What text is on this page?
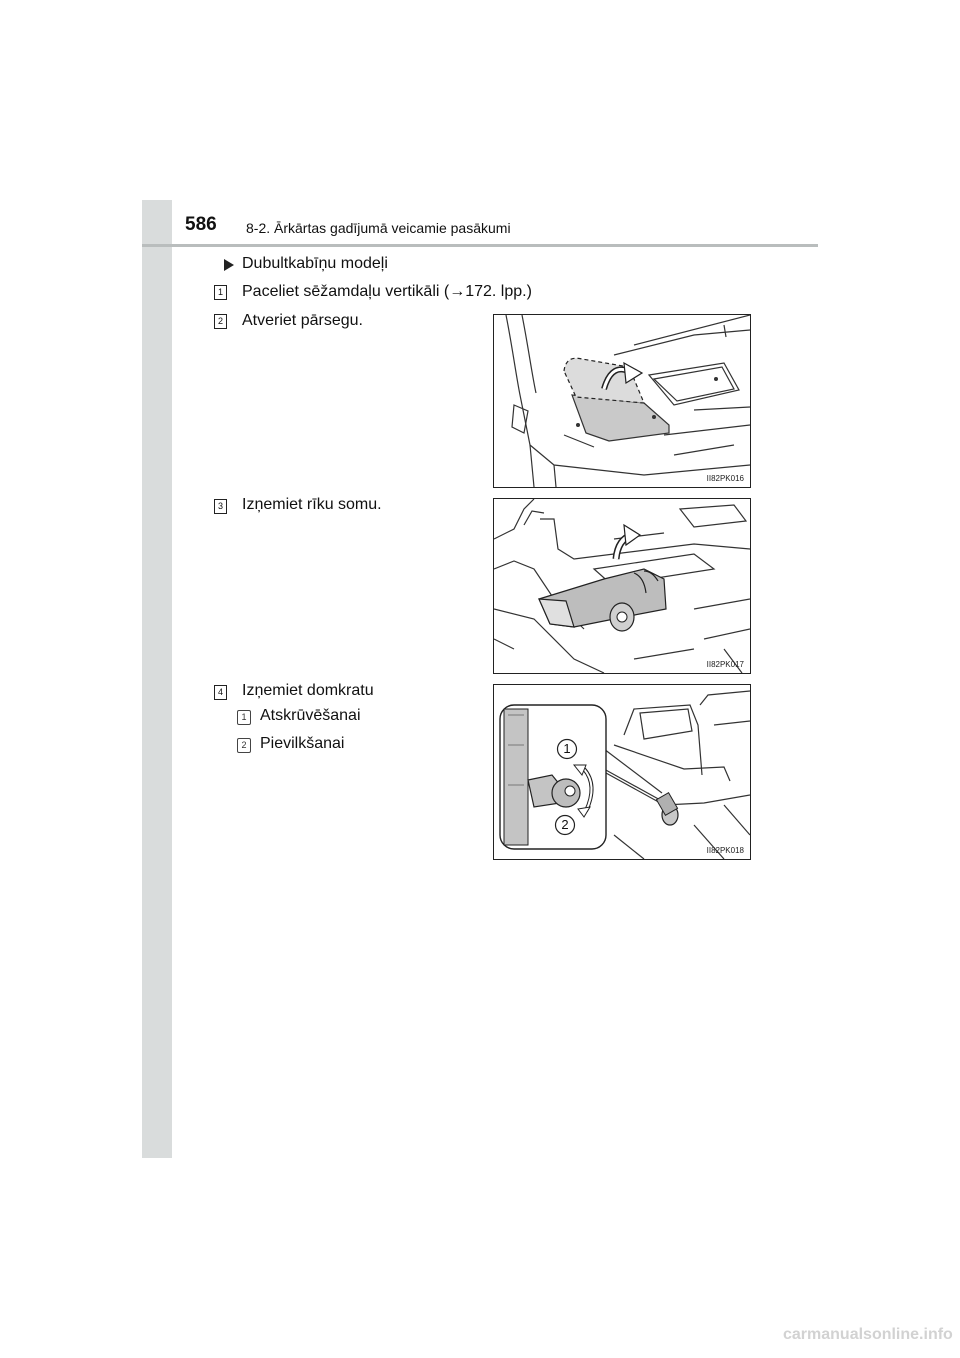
586 8-2. Ārkārtas gadījumā veicamie pasākumi
Dubultkabīņu modeļi
1 Paceliet sēžamdaļu vertikāli (→172. lpp.)
2 Atveriet pārsegu.
3 Izņemiet rīku somu.
4 Izņemiet domkratu
1 Atskrūvēšanai
2 Pievilkšanai
II82PK016
II82PK017
1
2
II82PK018
carmanualsonline.info
